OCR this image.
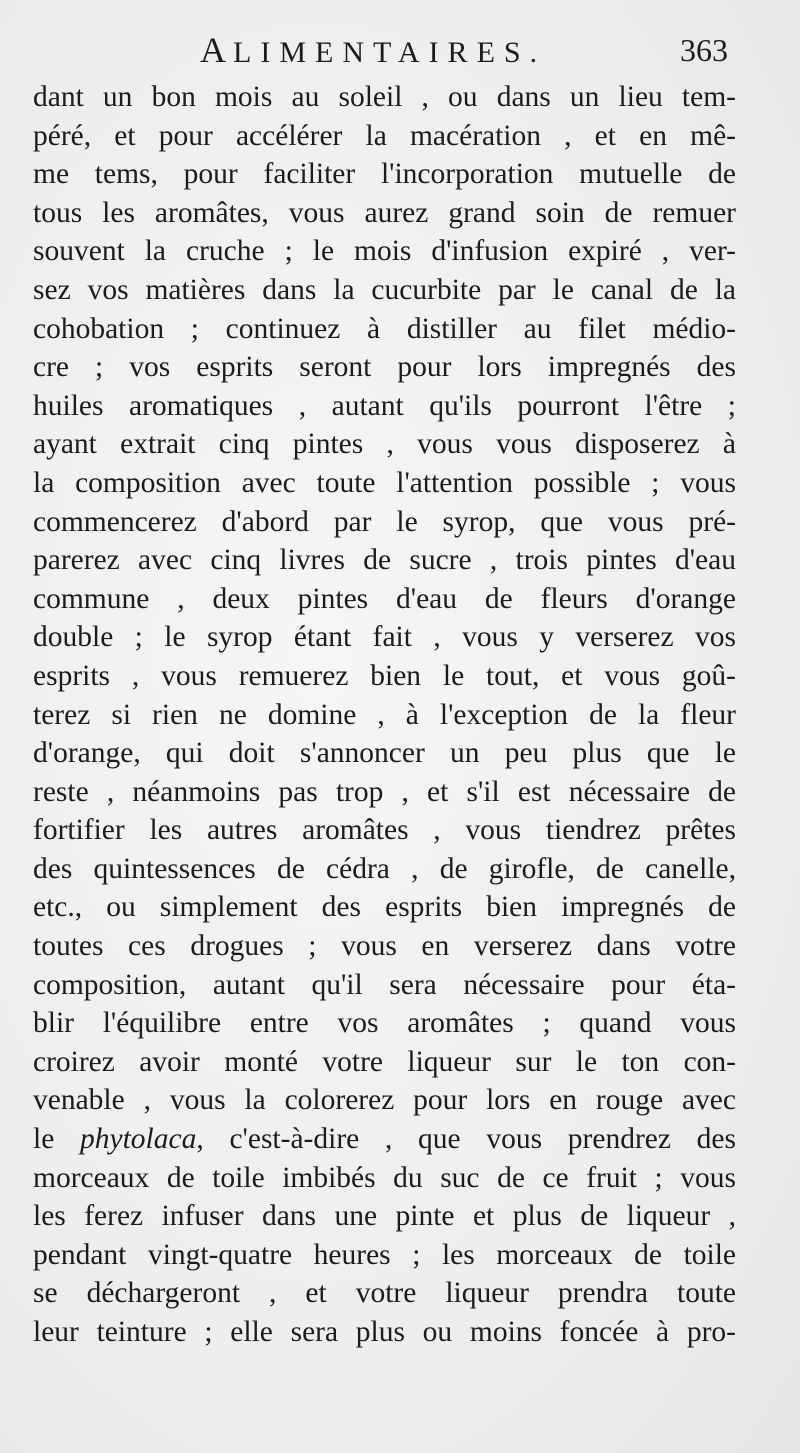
ALIMENTAIRES.	363
dant un bon mois au soleil , ou dans un lieu tem-
péré, et pour accélérer la macération , et en mê-
me tems, pour faciliter l'incorporation mutuelle de
tous les aromâtes, vous aurez grand soin de remuer
souvent la cruche ; le mois d'infusion expiré , ver-
sez vos matières dans la cucurbite par le canal de la
cohobation ; continuez à distiller au filet médio-
cre ; vos esprits seront pour lors impregnés des
huiles aromatiques , autant qu'ils pourront l'être ;
ayant extrait cinq pintes , vous vous disposerez à
la composition avec toute l'attention possible ; vous
commencerez d'abord par le syrop, que vous pré-
parerez avec cinq livres de sucre , trois pintes d'eau
commune , deux pintes d'eau de fleurs d'orange
double ; le syrop étant fait , vous y verserez vos
esprits , vous remuerez bien le tout, et vous goû-
terez si rien ne domine , à l'exception de la fleur
d'orange, qui doit s'annoncer un peu plus que le
reste , néanmoins pas trop , et s'il est nécessaire de
fortifier les autres aromâtes , vous tiendrez prêtes
des quintessences de cédra , de girofle, de canelle,
etc., ou simplement des esprits bien impregnés de
toutes ces drogues ; vous en verserez dans votre
composition, autant qu'il sera nécessaire pour éta-
blir l'équilibre entre vos aromâtes ; quand vous
croirez avoir monté votre liqueur sur le ton con-
venable , vous la colorerez pour lors en rouge avec
le phytolaca, c'est-à-dire , que vous prendrez des
morceaux de toile imbibés du suc de ce fruit ; vous
les ferez infuser dans une pinte et plus de liqueur ,
pendant vingt-quatre heures ; les morceaux de toile
se déchargeront , et votre liqueur prendra toute
leur teinture ; elle sera plus ou moins foncée à pro-
